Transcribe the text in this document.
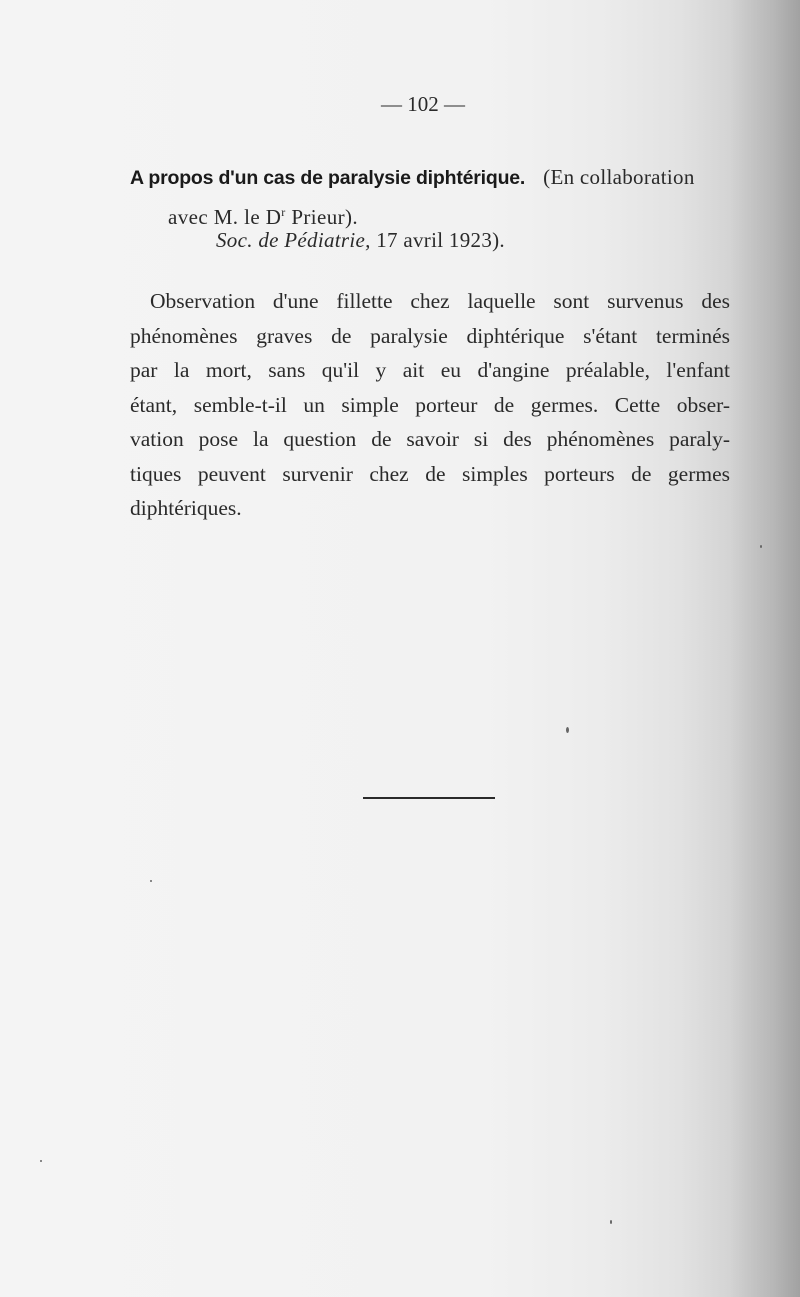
— 102 —
A propos d'un cas de paralysie diphtérique. (En collaboration
avec M. le $D^r$ Prieur).
Soc. de Pédiatrie, 17 avril 1923).
Observation d'une fillette chez laquelle sont survenus des
phénomènes graves de paralysie diphtérique s'étant terminés
par la mort, sans qu'il y ait eu d'angine préalable, l'enfant
étant, semble-t-il un simple porteur de germes. Cette obser-
vation pose la question de savoir si des phénomènes paraly-
tiques peuvent survenir chez de simples porteurs de germes
diphtériques.
